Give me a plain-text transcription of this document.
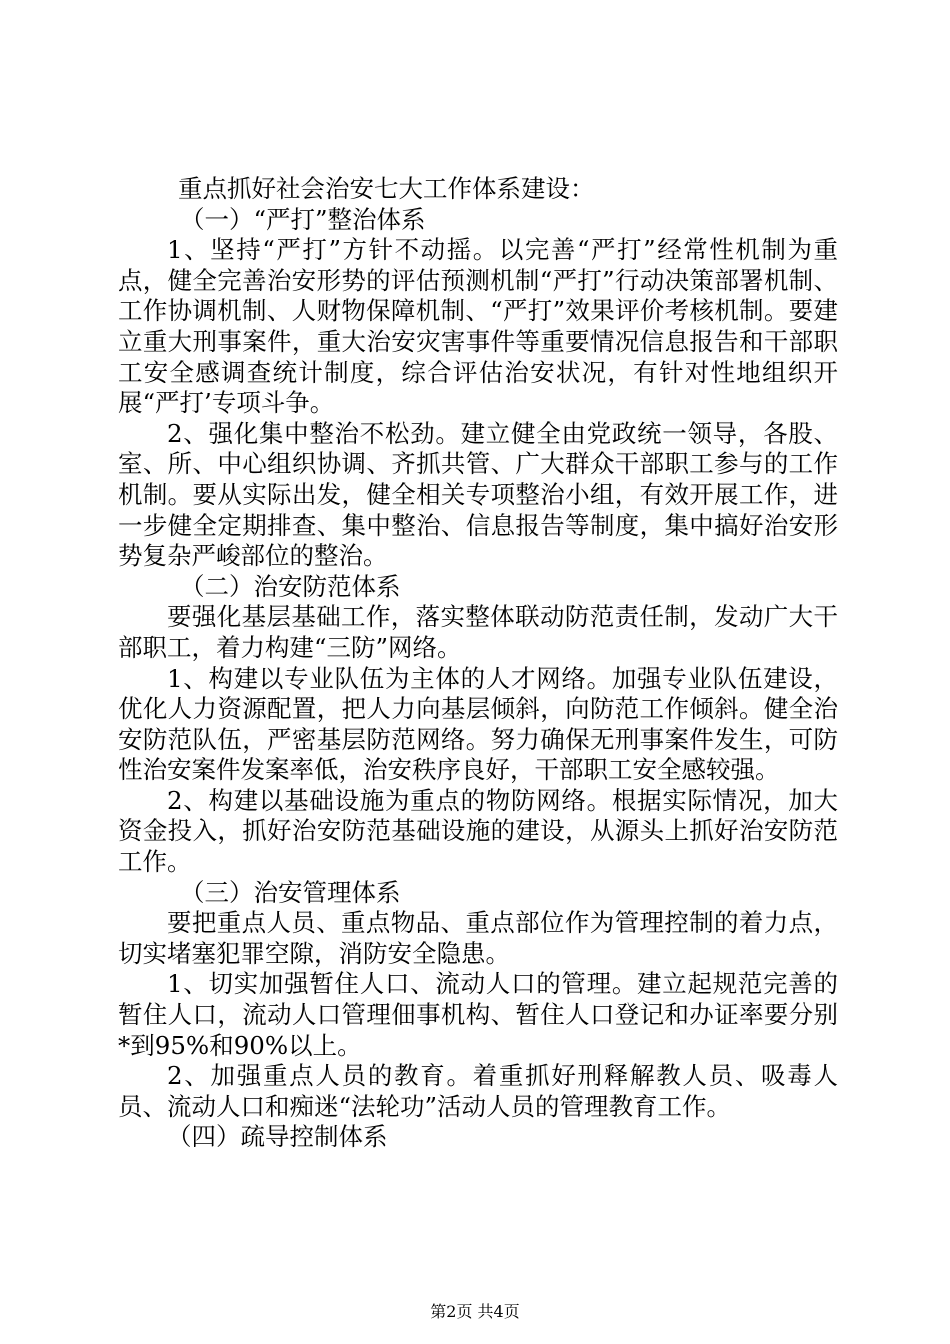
重点抓好社会治安七大工作体系建设：

（一）“严打”整治体系

1、坚持“严打”方针不动摇。以完善“严打”经常性机制为重点，健全完善治安形势的评估预测机制“严打”行动决策部署机制、工作协调机制、人财物保障机制、“严打”效果评价考核机制。要建立重大刑事案件，重大治安灾害事件等重要情况信息报告和干部职工安全感调查统计制度，综合评估治安状况，有针对性地组织开展“严打’专项斗争。

2、强化集中整治不松劲。建立健全由党政统一领导，各股、室、所、中心组织协调、齐抓共管、广大群众干部职工参与的工作机制。要从实际出发，健全相关专项整治小组，有效开展工作，进一步健全定期排查、集中整治、信息报告等制度，集中搞好治安形势复杂严峻部位的整治。

（二）治安防范体系

要强化基层基础工作，落实整体联动防范责任制，发动广大干部职工，着力构建“三防”网络。

1、构建以专业队伍为主体的人才网络。加强专业队伍建设，优化人力资源配置，把人力向基层倾斜，向防范工作倾斜。健全治安防范队伍，严密基层防范网络。努力确保无刑事案件发生，可防性治安案件发案率低，治安秩序良好，干部职工安全感较强。

2、构建以基础设施为重点的物防网络。根据实际情况，加大资金投入，抓好治安防范基础设施的建设，从源头上抓好治安防范工作。

（三）治安管理体系

要把重点人员、重点物品、重点部位作为管理控制的着力点，切实堵塞犯罪空隙，消防安全隐患。

1、切实加强暂住人口、流动人口的管理。建立起规范完善的暂住人口，流动人口管理佃事机构、暂住人口登记和办证率要分别*到95%和90%以上。

2、加强重点人员的教育。着重抓好刑释解教人员、吸毒人员、流动人口和痴迷“法轮功”活动人员的管理教育工作。

（四）疏导控制体系

第2页 共4页
